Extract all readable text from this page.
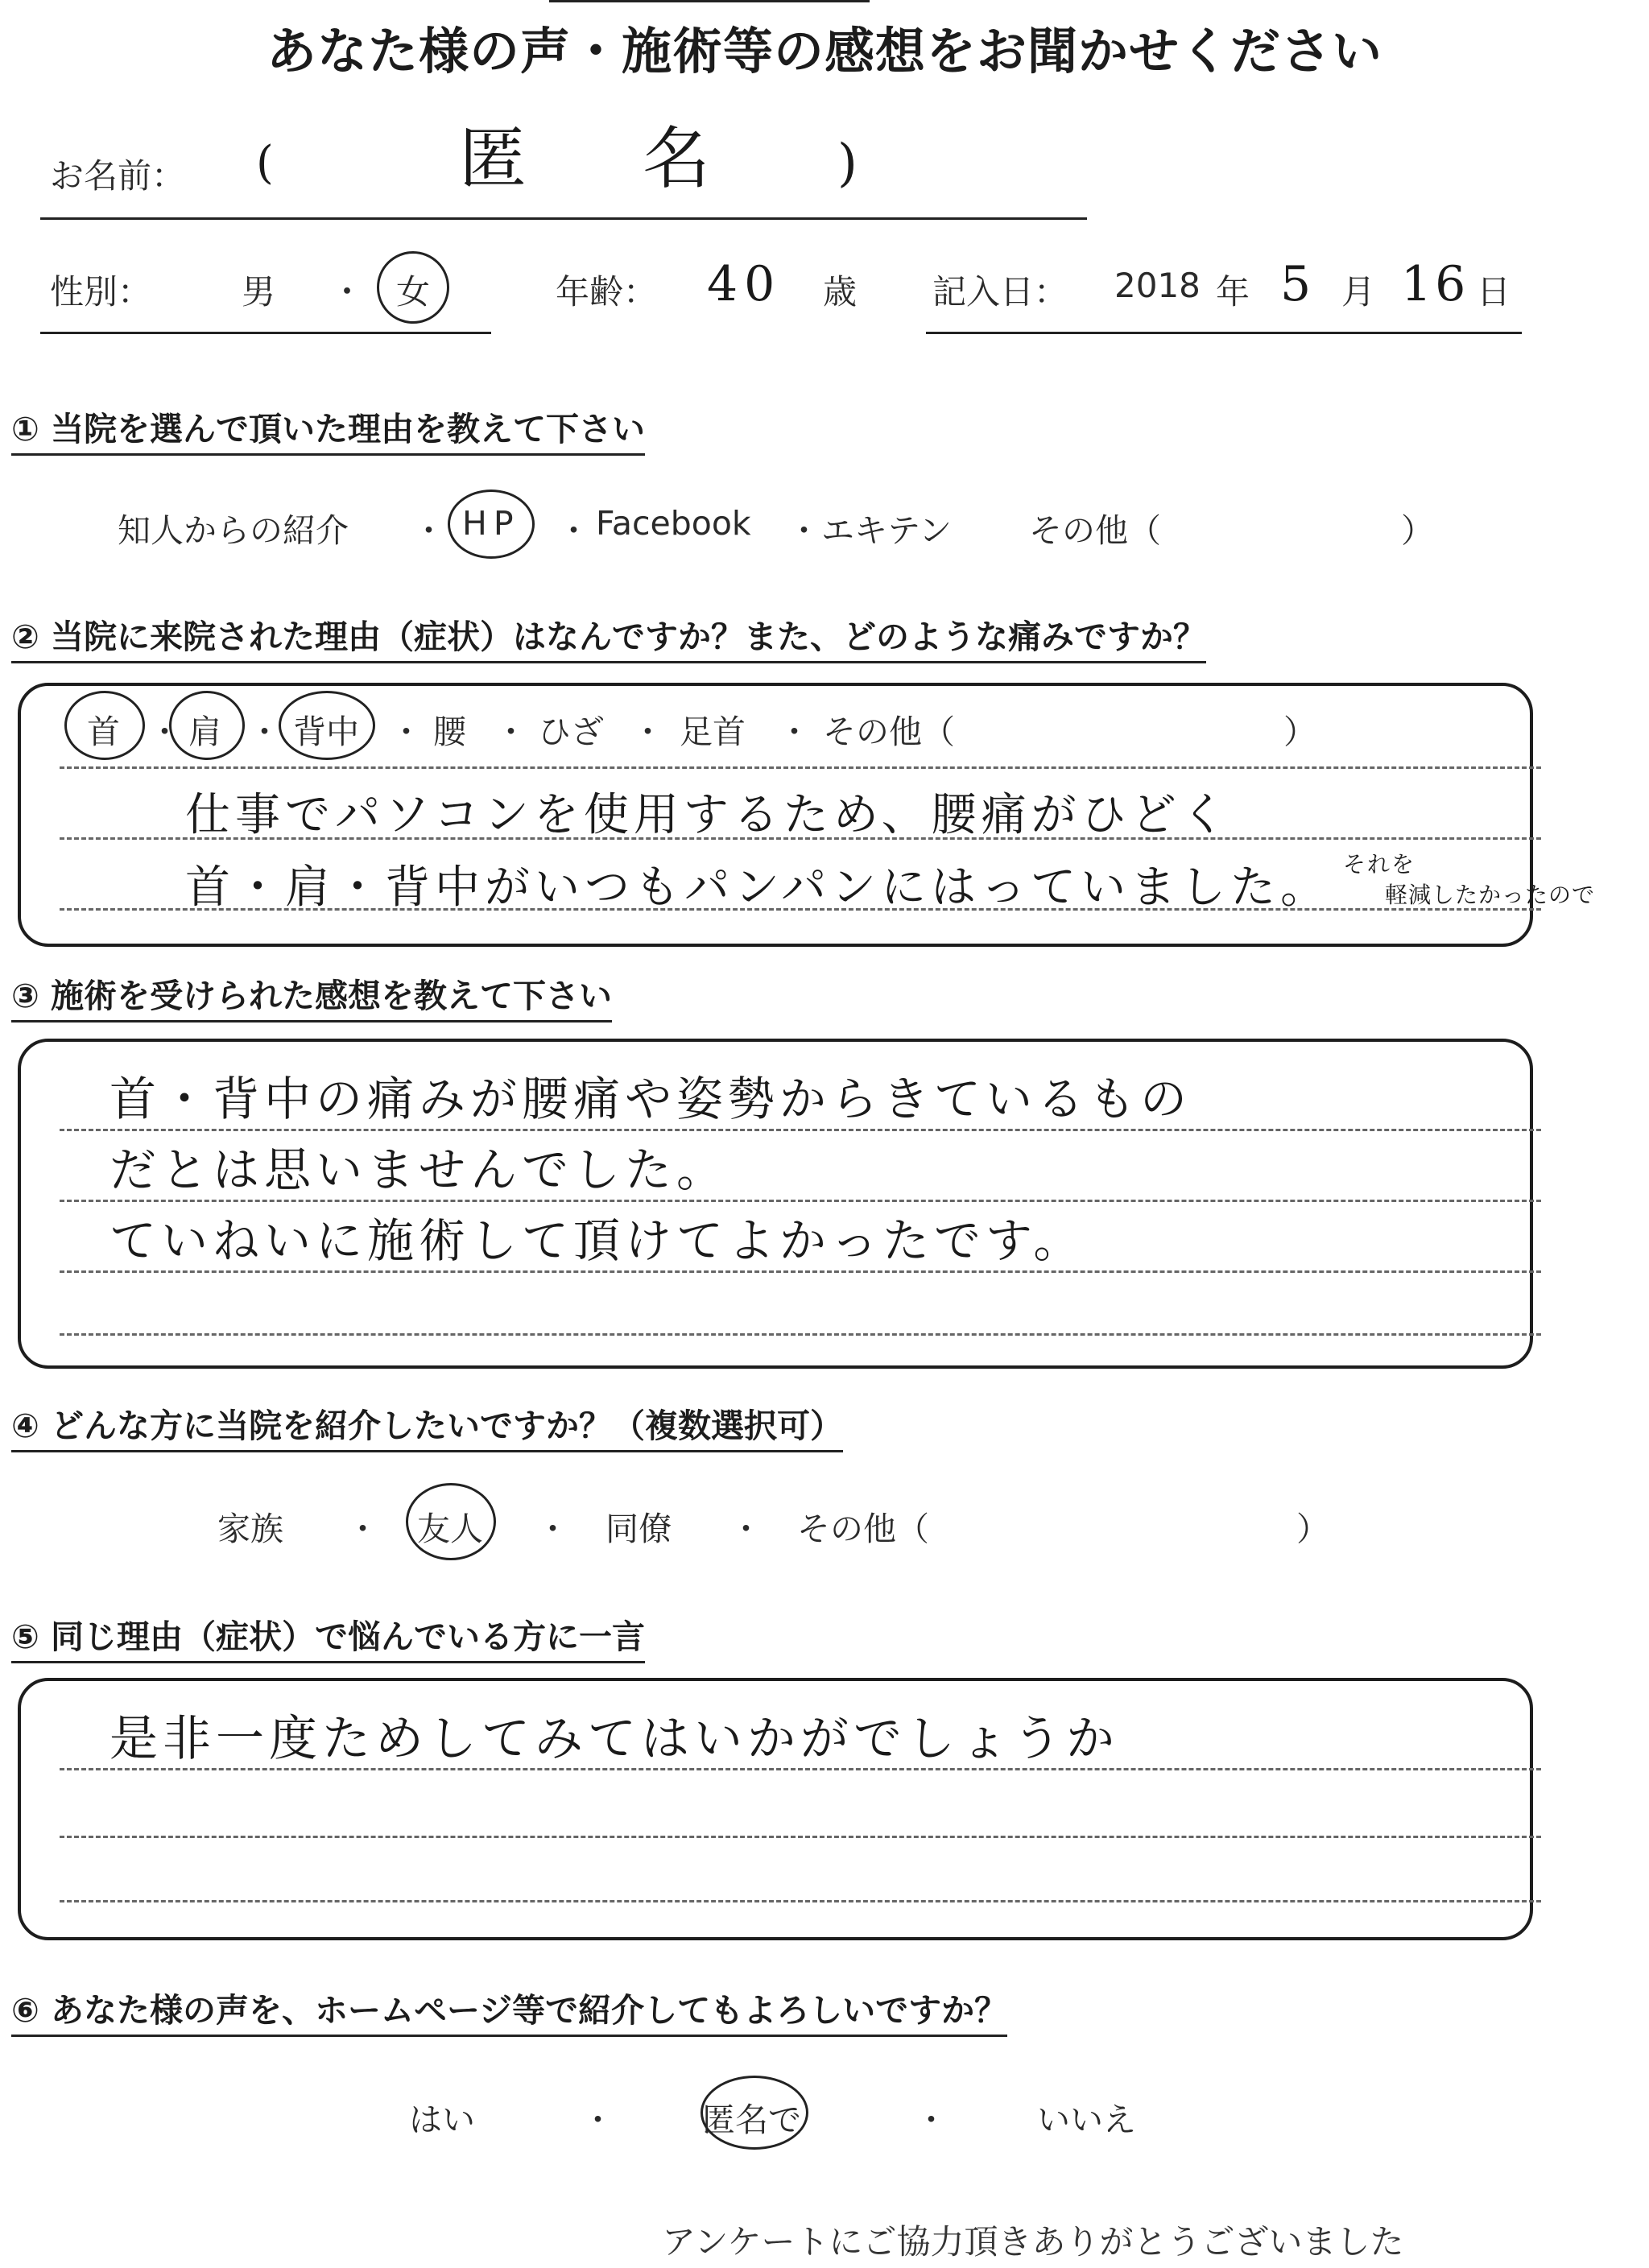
あなた様の声・施術等の感想をお聞かせください
お名前： (	匿　名 )
性別：	男 ・ 女	年齢： 40 歳 記入日： 2018 年 5 月 16 日
① 当院を選んで頂いた理由を教えて下さい
知人からの紹介 ・ HP ・ Facebook ・ エキテン その他（	）
② 当院に来院された理由（症状）はなんですか？また、どのような痛みですか？
首 ・ 肩 ・ 背中 ・ 腰 ・ ひざ ・ 足首 ・ その他（	）
仕事でパソコンを使用するため、腰痛がひどく
首・肩・背中がいつもパンパンにはっていました。 それを
軽減したかったので
③ 施術を受けられた感想を教えて下さい
首・背中の痛みが腰痛や姿勢からきているもの
だとは思いませんでした。
ていねいに施術して頂けてよかったです。
④ どんな方に当院を紹介したいですか？（複数選択可）
家族 ・ 友人 ・ 同僚 ・ その他（	）
⑤ 同じ理由（症状）で悩んでいる方に一言
是非一度ためしてみてはいかがでしょうか
⑥ あなた様の声を、ホームページ等で紹介してもよろしいですか？
はい	・	匿名で	・	いいえ
アンケートにご協力頂きありがとうございました
